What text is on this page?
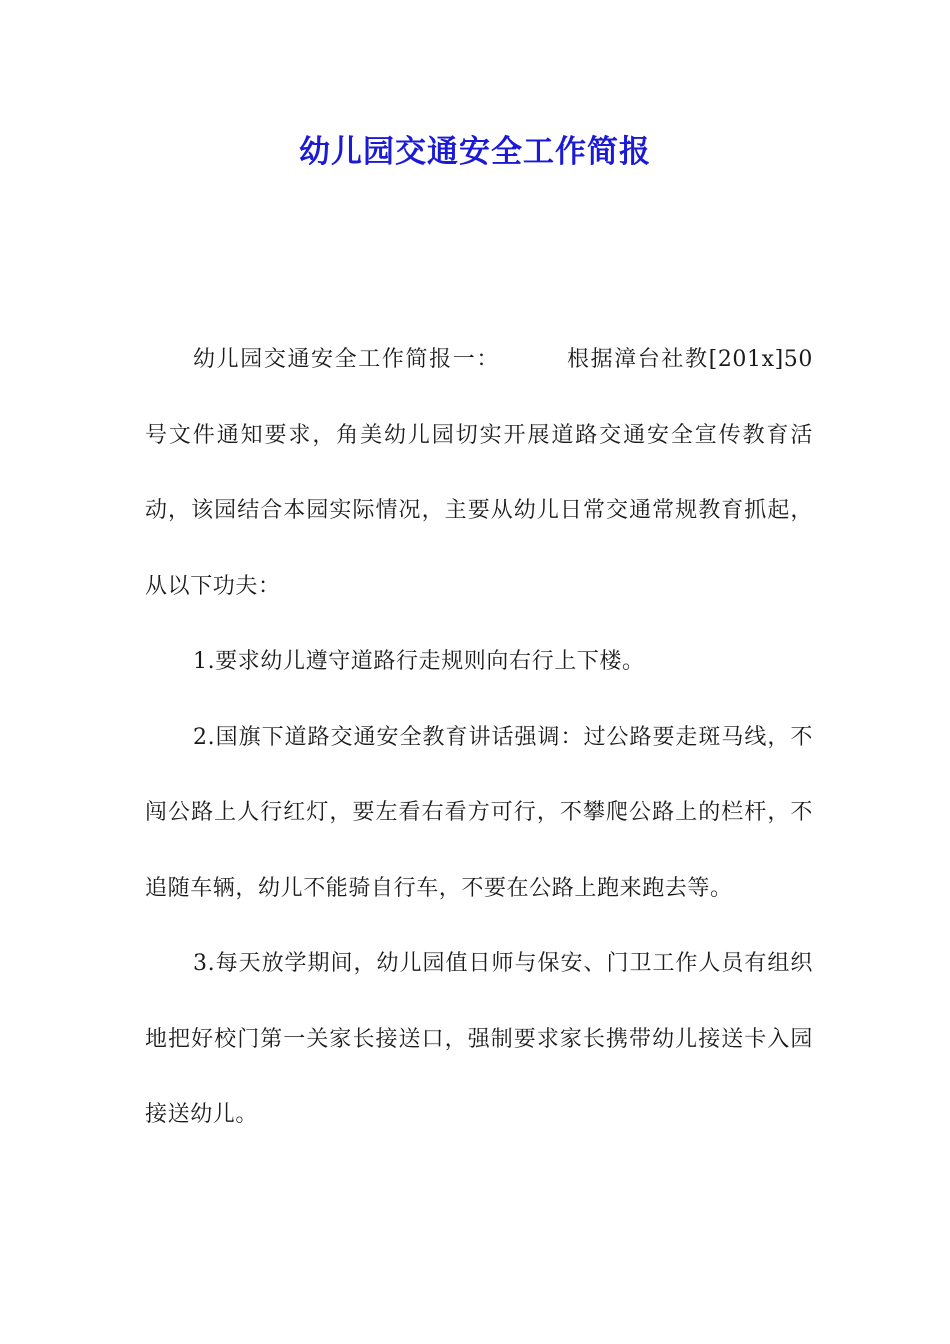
幼儿园交通安全工作简报

幼儿园交通安全工作简报一：	根据漳台社教[201x]50号文件通知要求，角美幼儿园切实开展道路交通安全宣传教育活动，该园结合本园实际情况，主要从幼儿日常交通常规教育抓起，从以下功夫：

1.要求幼儿遵守道路行走规则向右行上下楼。

2.国旗下道路交通安全教育讲话强调：过公路要走斑马线，不闯公路上人行红灯，要左看右看方可行，不攀爬公路上的栏杆，不追随车辆，幼儿不能骑自行车，不要在公路上跑来跑去等。

3.每天放学期间，幼儿园值日师与保安、门卫工作人员有组织地把好校门第一关家长接送口，强制要求家长携带幼儿接送卡入园接送幼儿。
